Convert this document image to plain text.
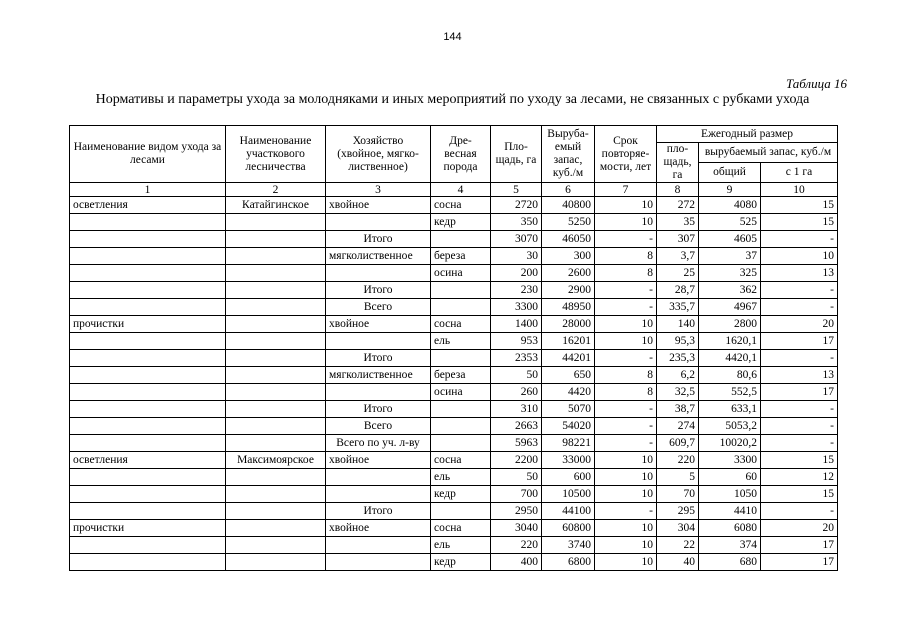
144
Таблица 16
Нормативы и параметры ухода за молодняками и иных мероприятий по уходу за лесами, не связанных с рубками ухода
Наименование видом ухода за лесами	Наименование участкового лесничества	Хозяйство (хвойное, мягко-лиственное)	Дре-весная порода	Пло-щадь, га	Выруба-емый запас, куб./м	Срок повторяе-мости, лет	Ежегодный размер		
							пло-щадь, га	вырубаемый запас, куб./м	
								общий	с 1 га
1	2	3	4	5	6	7	8	9	10
осветления	Катайгинское	хвойное	сосна	2720	40800	10	272	4080	15
			кедр	350	5250	10	35	525	15
		Итого		3070	46050	-	307	4605	-
		мягколиственное	береза	30	300	8	3,7	37	10
			осина	200	2600	8	25	325	13
		Итого		230	2900	-	28,7	362	-
		Всего		3300	48950	-	335,7	4967	-
прочистки		хвойное	сосна	1400	28000	10	140	2800	20
			ель	953	16201	10	95,3	1620,1	17
		Итого		2353	44201	-	235,3	4420,1	-
		мягколиственное	береза	50	650	8	6,2	80,6	13
			осина	260	4420	8	32,5	552,5	17
		Итого		310	5070	-	38,7	633,1	-
		Всего		2663	54020	-	274	5053,2	-
		Всего по уч. л-ву		5963	98221	-	609,7	10020,2	-
осветления	Максимоярское	хвойное	сосна	2200	33000	10	220	3300	15
			ель	50	600	10	5	60	12
			кедр	700	10500	10	70	1050	15
		Итого		2950	44100	-	295	4410	-
прочистки		хвойное	сосна	3040	60800	10	304	6080	20
			ель	220	3740	10	22	374	17
			кедр	400	6800	10	40	680	17
